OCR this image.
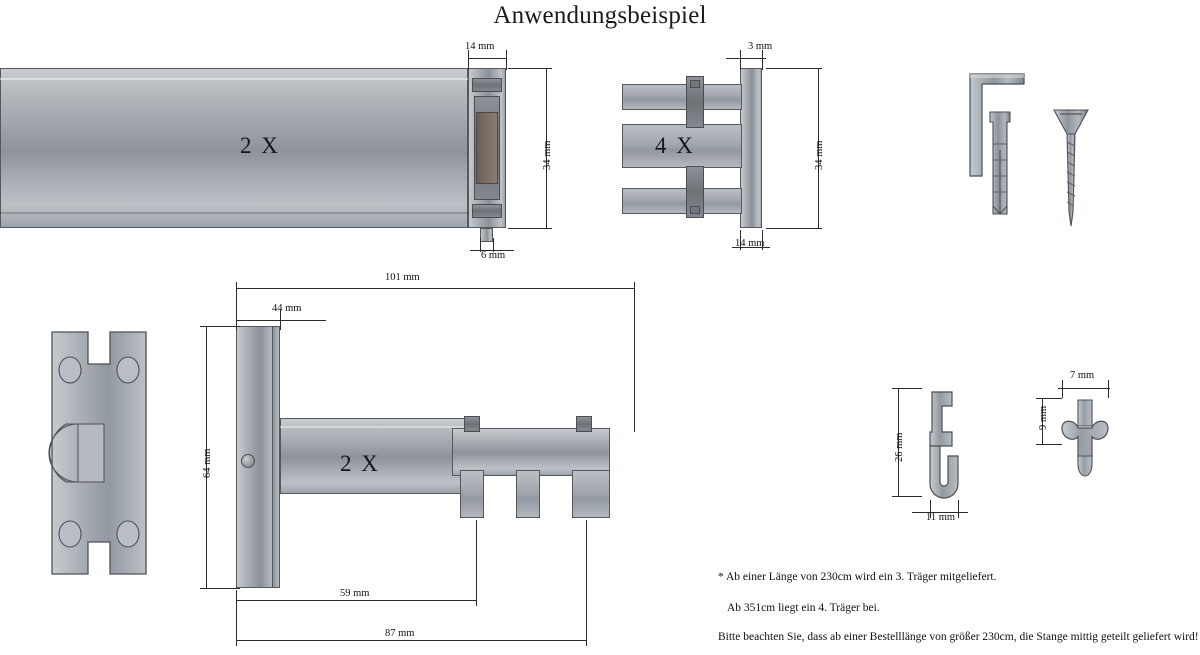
Anwendungsbeispiel
2 X
14 mm
34 mm
6 mm
4 X
3 mm
34 mm
14 mm
2 X
101 mm
44 mm
64 mm
59 mm
87 mm
26 mm
11 mm
7 mm
9 mm
* Ab einer Länge von 230cm wird ein 3. Träger mitgeliefert.
Ab 351cm liegt ein 4. Träger bei.
Bitte beachten Sie, dass ab einer Bestelllänge von größer 230cm, die Stange mittig geteilt geliefert wird!
